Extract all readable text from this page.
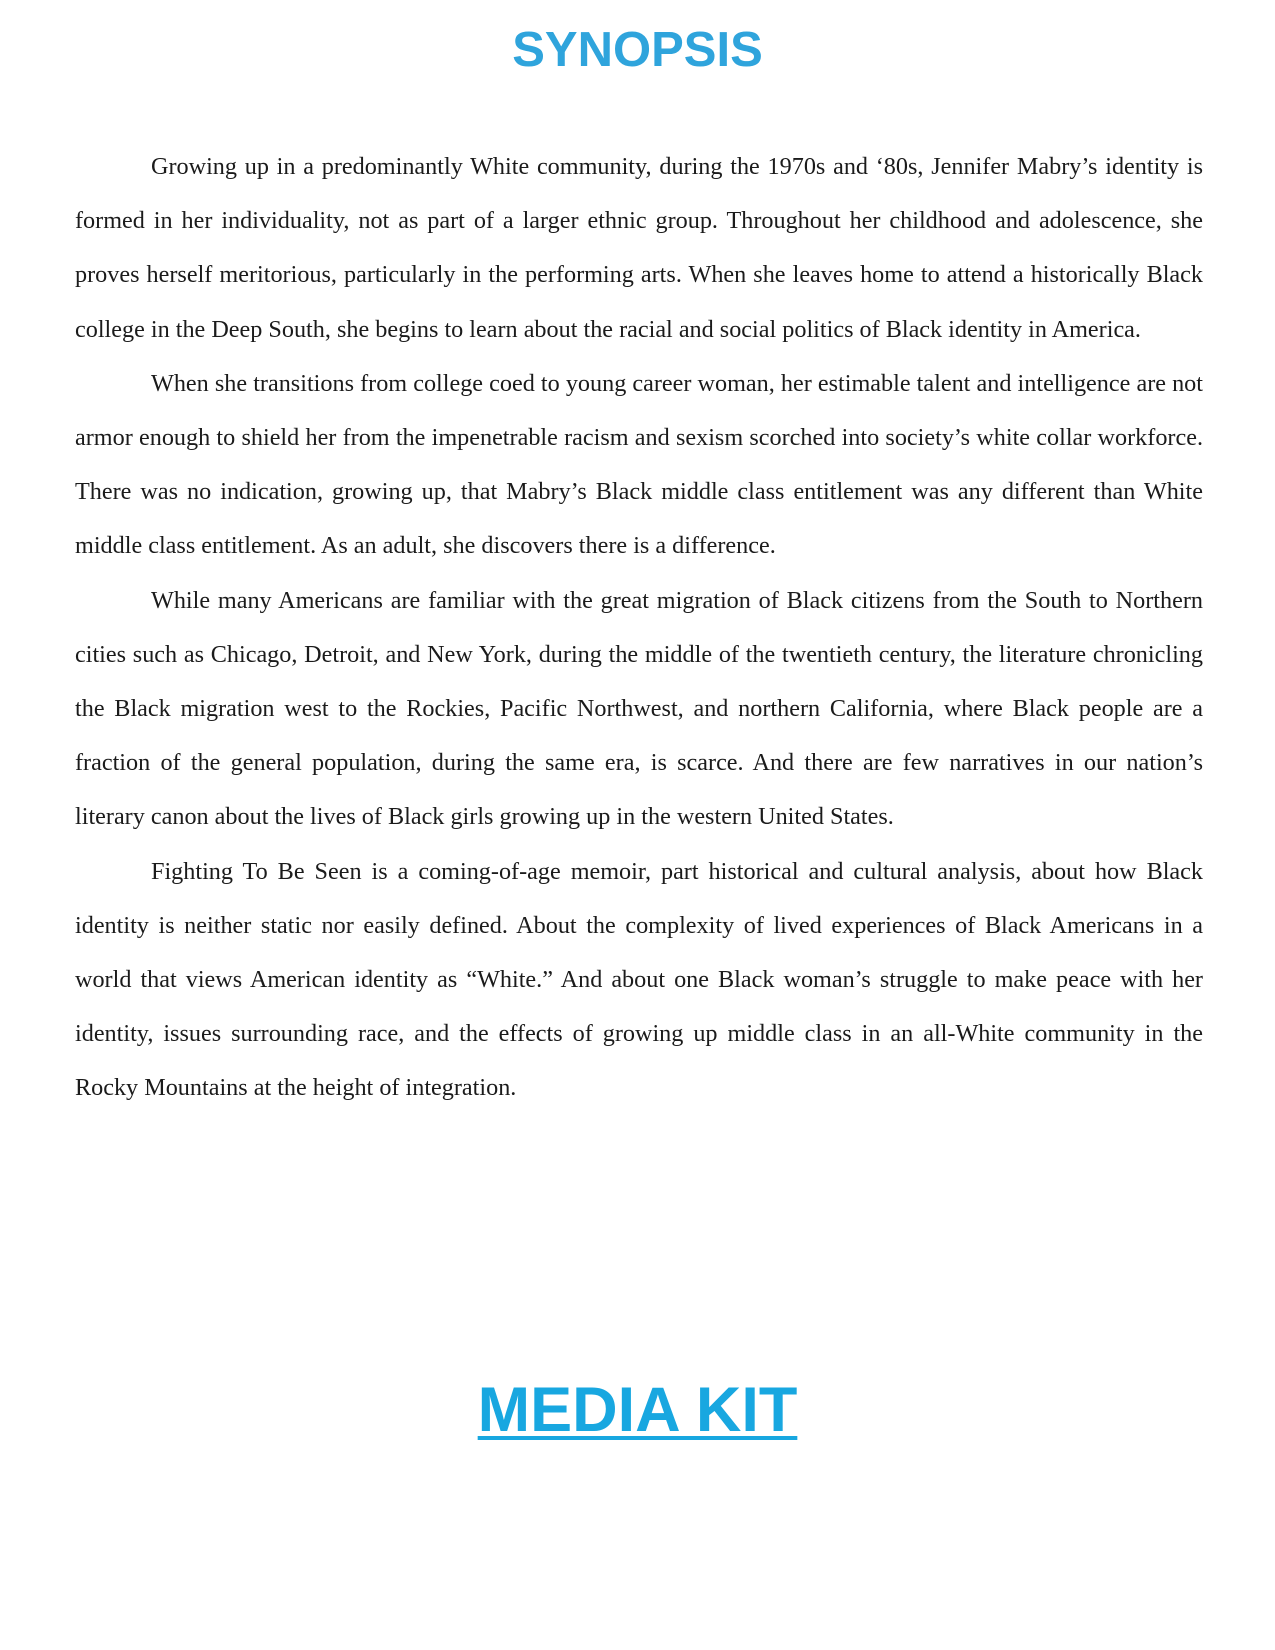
SYNOPSIS

Growing up in a predominantly White community, during the 1970s and ‘80s, Jennifer Mabry’s identity is formed in her individuality, not as part of a larger ethnic group. Throughout her childhood and adolescence, she proves herself meritorious, particularly in the performing arts. When she leaves home to attend a historically Black college in the Deep South, she begins to learn about the racial and social politics of Black identity in America.

When she transitions from college coed to young career woman, her estimable talent and intelligence are not armor enough to shield her from the impenetrable racism and sexism scorched into society’s white collar workforce. There was no indication, growing up, that Mabry’s Black middle class entitlement was any different than White middle class entitlement. As an adult, she discovers there is a difference.

While many Americans are familiar with the great migration of Black citizens from the South to Northern cities such as Chicago, Detroit, and New York, during the middle of the twentieth century, the literature chronicling the Black migration west to the Rockies, Pacific Northwest, and northern California, where Black people are a fraction of the general population, during the same era, is scarce. And there are few narratives in our nation’s literary canon about the lives of Black girls growing up in the western United States.

Fighting To Be Seen is a coming-of-age memoir, part historical and cultural analysis, about how Black identity is neither static nor easily defined. About the complexity of lived experiences of Black Americans in a world that views American identity as “White.” And about one Black woman’s struggle to make peace with her identity, issues surrounding race, and the effects of growing up middle class in an all-White community in the Rocky Mountains at the height of integration.

MEDIA KIT
